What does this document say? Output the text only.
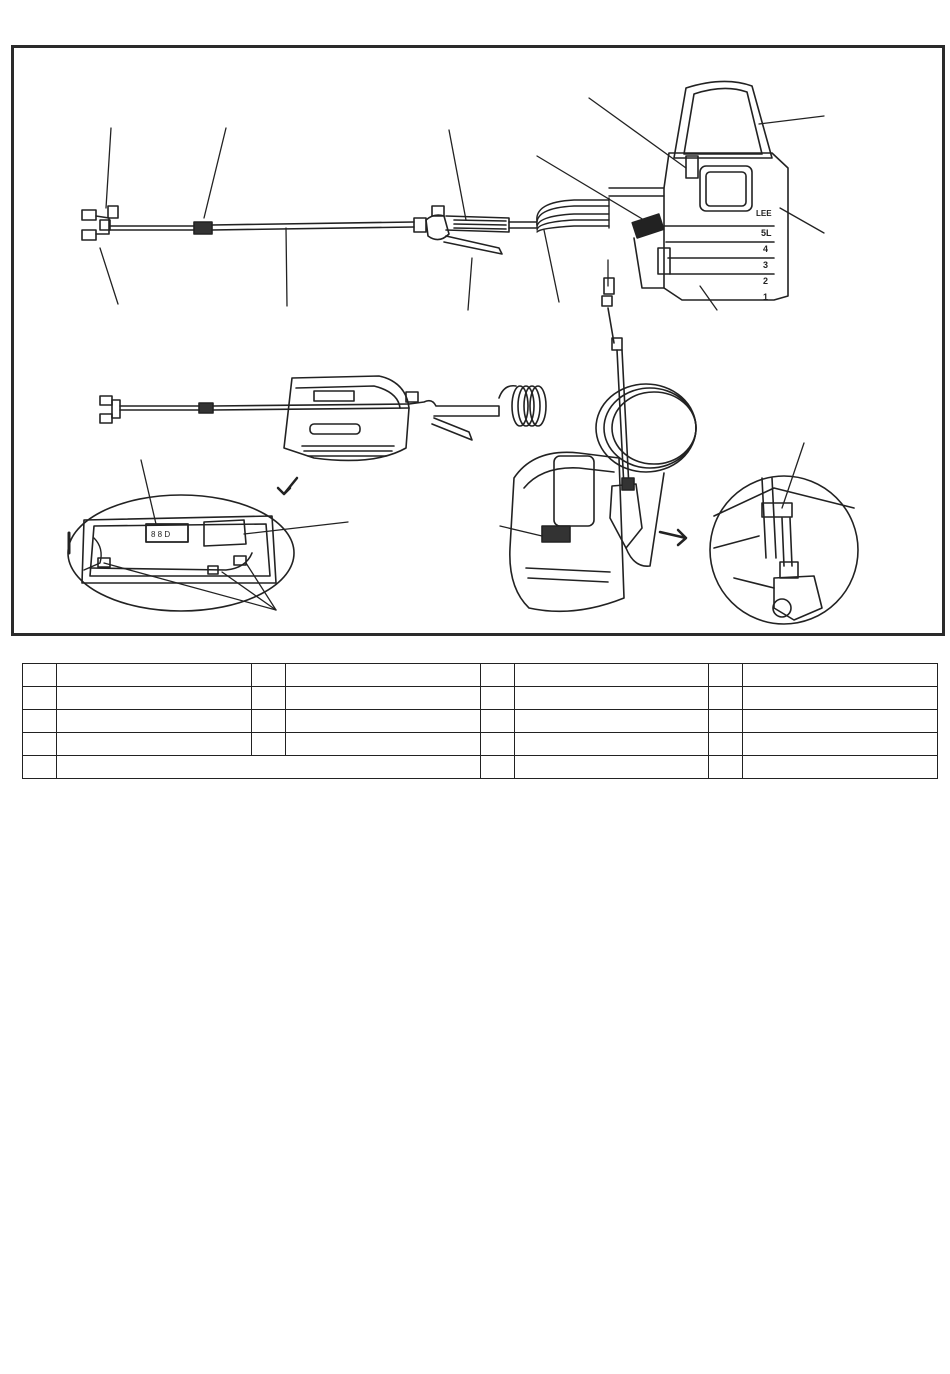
LEE
5L
4
3
2
1
8 8 D
